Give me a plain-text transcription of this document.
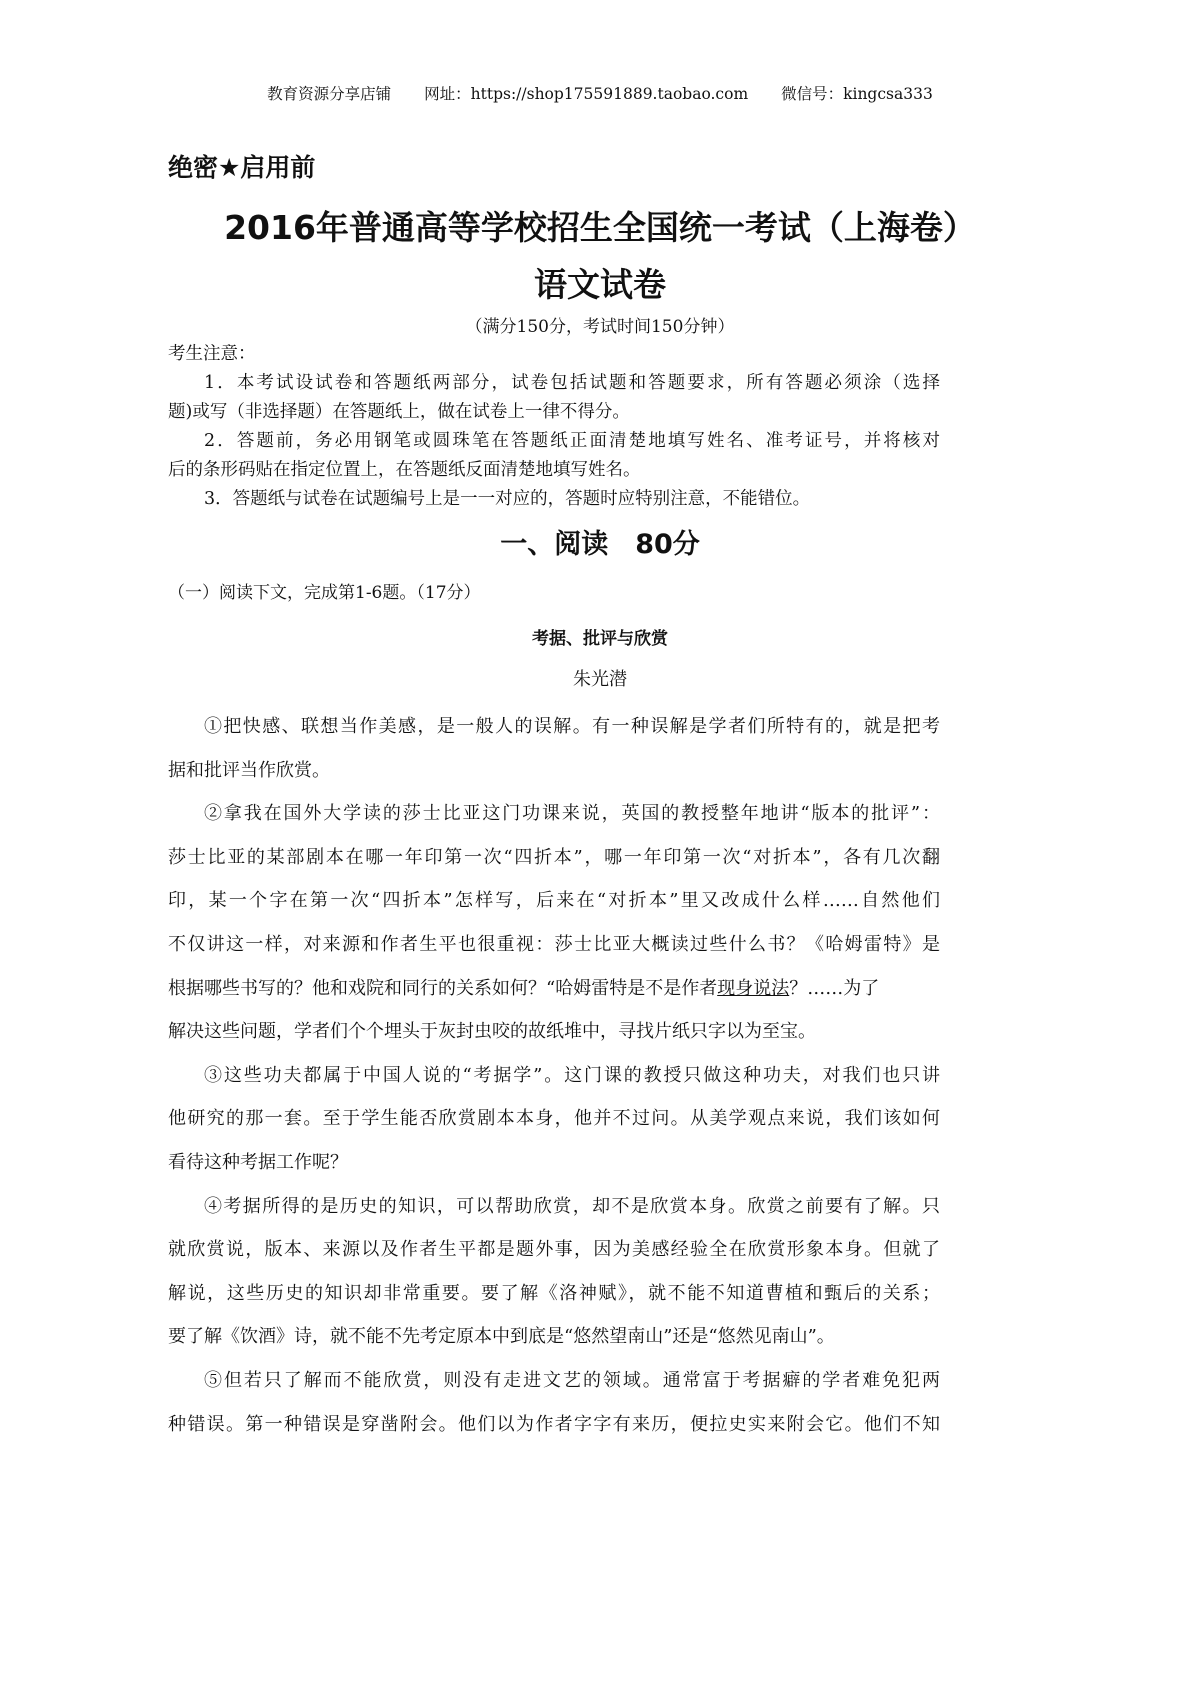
教育资源分享店铺 网址：https://shop175591889.taobao.com 微信号：kingcsa333
绝密★启用前
2016年普通高等学校招生全国统一考试（上海卷）
语文试卷
（满分150分，考试时间150分钟）
考生注意：
1．本考试设试卷和答题纸两部分，试卷包括试题和答题要求，所有答题必须涂（选择
题)或写（非选择题）在答题纸上，做在试卷上一律不得分。
2．答题前，务必用钢笔或圆珠笔在答题纸正面清楚地填写姓名、准考证号，并将核对
后的条形码贴在指定位置上，在答题纸反面清楚地填写姓名。
3．答题纸与试卷在试题编号上是一一对应的，答题时应特别注意，不能错位。
一、阅读　80分
（一）阅读下文，完成第1-6题。（17分）
考据、批评与欣赏
朱光潜
①把快感、联想当作美感，是一般人的误解。有一种误解是学者们所特有的，就是把考
据和批评当作欣赏。
②拿我在国外大学读的莎士比亚这门功课来说，英国的教授整年地讲“版本的批评”：
莎士比亚的某部剧本在哪一年印第一次“四折本”，哪一年印第一次“对折本”，各有几次翻
印，某一个字在第一次“四折本”怎样写，后来在“对折本”里又改成什么样……自然他们
不仅讲这一样，对来源和作者生平也很重视：莎士比亚大概读过些什么书？《哈姆雷特》是
根据哪些书写的？他和戏院和同行的关系如何？“哈姆雷特是不是作者现身说法？……为了
解决这些问题，学者们个个埋头于灰封虫咬的故纸堆中，寻找片纸只字以为至宝。
③这些功夫都属于中国人说的“考据学”。这门课的教授只做这种功夫，对我们也只讲
他研究的那一套。至于学生能否欣赏剧本本身，他并不过问。从美学观点来说，我们该如何
看待这种考据工作呢？
④考据所得的是历史的知识，可以帮助欣赏，却不是欣赏本身。欣赏之前要有了解。只
就欣赏说，版本、来源以及作者生平都是题外事，因为美感经验全在欣赏形象本身。但就了
解说，这些历史的知识却非常重要。要了解《洛神赋》，就不能不知道曹植和甄后的关系；
要了解《饮酒》诗，就不能不先考定原本中到底是“悠然望南山”还是“悠然见南山”。
⑤但若只了解而不能欣赏，则没有走进文艺的领域。通常富于考据癖的学者难免犯两
种错误。第一种错误是穿凿附会。他们以为作者字字有来历，便拉史实来附会它。他们不知
